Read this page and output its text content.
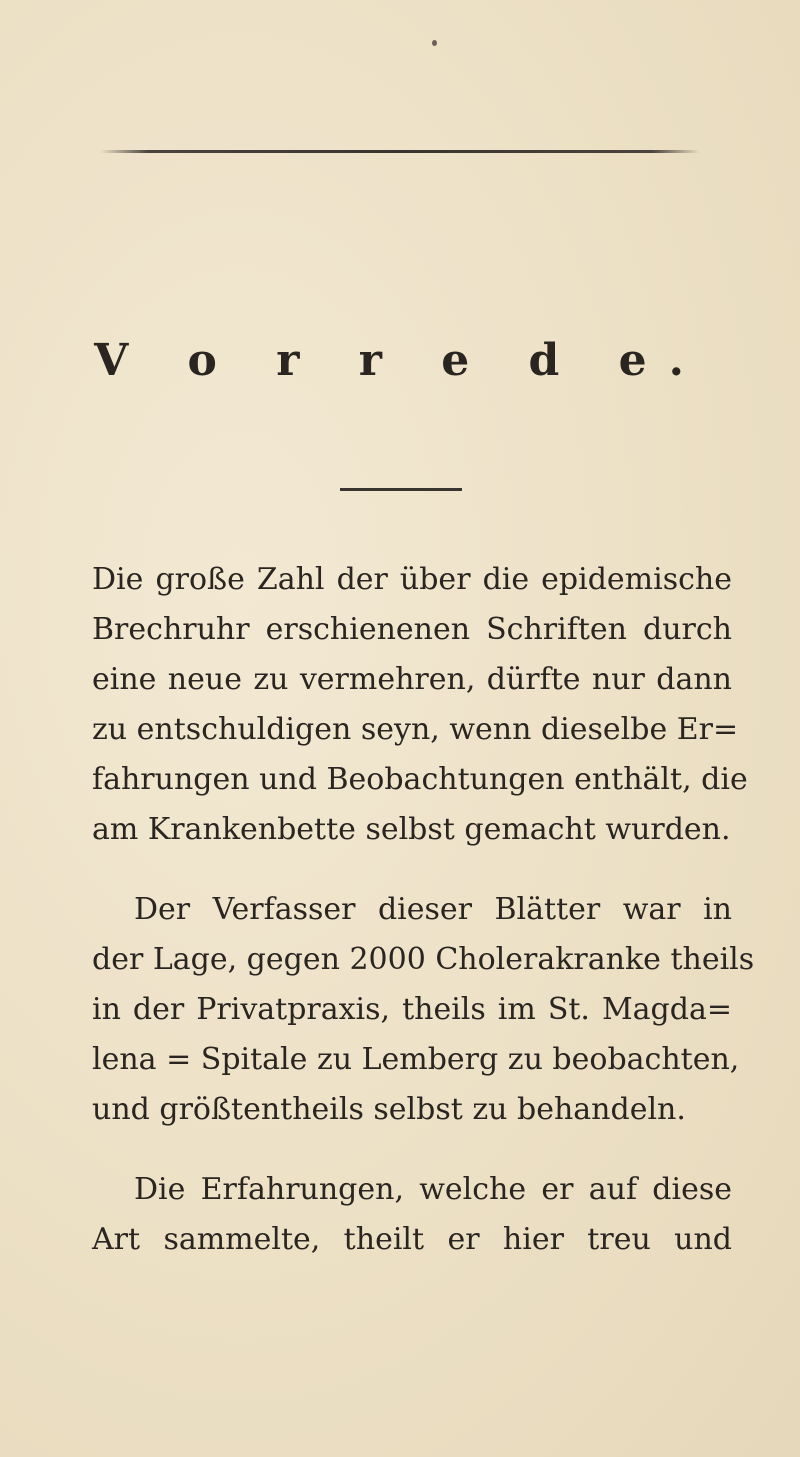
V o r r e d e.

Die große Zahl der über die epidemische
Brechruhr erschienenen Schriften durch
eine neue zu vermehren, dürfte nur dann
zu entschuldigen seyn, wenn dieselbe Er=
fahrungen und Beobachtungen enthält, die
am Krankenbette selbst gemacht wurden.

Der Verfasser dieser Blätter war in
der Lage, gegen 2000 Cholerakranke theils
in der Privatpraxis, theils im St. Magda=
lena = Spitale zu Lemberg zu beobachten,
und größtentheils selbst zu behandeln.

Die Erfahrungen, welche er auf diese
Art sammelte, theilt er hier treu und
